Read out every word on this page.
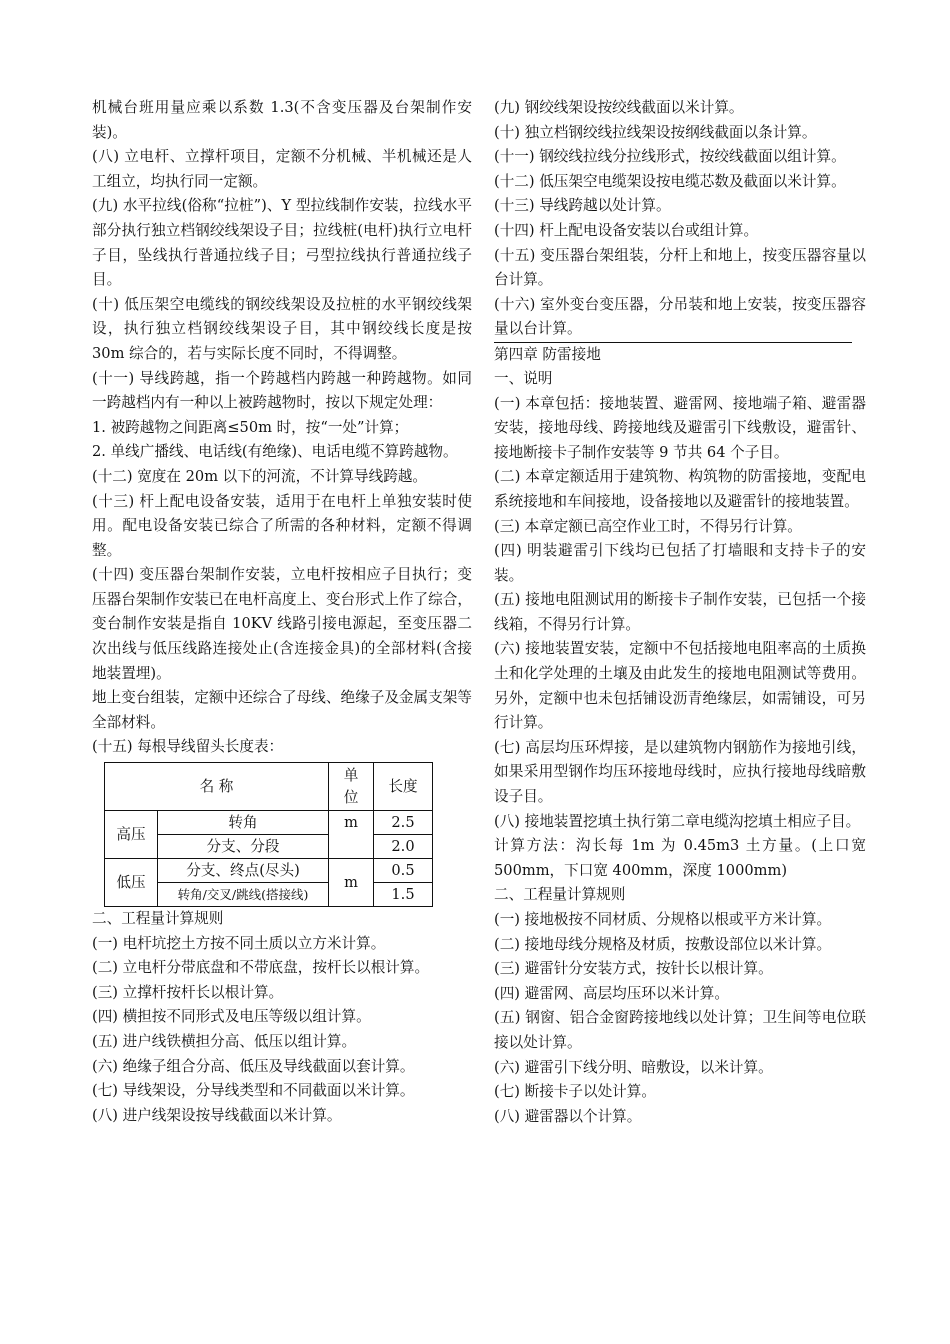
机械台班用量应乘以系数 1.3(不含变压器及台架制作安装)。

(八) 立电杆、立撑杆项目，定额不分机械、半机械还是人工组立，均执行同一定额。

(九) 水平拉线(俗称“拉桩”)、Y 型拉线制作安装，拉线水平部分执行独立档钢绞线架设子目；拉线桩(电杆)执行立电杆子目，坠线执行普通拉线子目；弓型拉线执行普通拉线子目。

(十) 低压架空电缆线的钢绞线架设及拉桩的水平钢绞线架设，执行独立档钢绞线架设子目，其中钢绞线长度是按 30m 综合的，若与实际长度不同时，不得调整。

(十一) 导线跨越，指一个跨越档内跨越一种跨越物。如同一跨越档内有一种以上被跨越物时，按以下规定处理：

1. 被跨越物之间距离≤50m 时，按“一处”计算；

2. 单线广播线、电话线(有绝缘)、电话电缆不算跨越物。

(十二) 宽度在 20m 以下的河流，不计算导线跨越。

(十三) 杆上配电设备安装，适用于在电杆上单独安装时使用。配电设备安装已综合了所需的各种材料，定额不得调整。

(十四) 变压器台架制作安装，立电杆按相应子目执行；变压器台架制作安装已在电杆高度上、变台形式上作了综合，变台制作安装是指自 10KV 线路引接电源起，至变压器二次出线与低压线路连接处止(含连接金具)的全部材料(含接地装置埋)。

地上变台组装，定额中还综合了母线、绝缘子及金属支架等全部材料。

(十五) 每根导线留头长度表：

名 称		单位	长度
高压	转角	m	2.5
	分支、分段		2.0
低压	分支、终点(尽头)	m	0.5
	转角/交叉/跳线(搭接线)		1.5

二、工程量计算规则

(一) 电杆坑挖土方按不同土质以立方米计算。

(二) 立电杆分带底盘和不带底盘，按杆长以根计算。

(三) 立撑杆按杆长以根计算。

(四) 横担按不同形式及电压等级以组计算。

(五) 进户线铁横担分高、低压以组计算。

(六) 绝缘子组合分高、低压及导线截面以套计算。

(七) 导线架设，分导线类型和不同截面以米计算。

(八) 进户线架设按导线截面以米计算。

(九) 钢绞线架设按绞线截面以米计算。

(十) 独立档钢绞线拉线架设按纲线截面以条计算。

(十一) 钢绞线拉线分拉线形式，按绞线截面以组计算。

(十二) 低压架空电缆架设按电缆芯数及截面以米计算。

(十三) 导线跨越以处计算。

(十四) 杆上配电设备安装以台或组计算。

(十五) 变压器台架组装，分杆上和地上，按变压器容量以台计算。

(十六) 室外变台变压器，分吊装和地上安装，按变压器容量以台计算。

第四章 防雷接地

一、说明

(一) 本章包括：接地装置、避雷网、接地端子箱、避雷器安装，接地母线、跨接地线及避雷引下线敷设，避雷针、接地断接卡子制作安装等 9 节共 64 个子目。

(二) 本章定额适用于建筑物、构筑物的防雷接地，变配电系统接地和车间接地，设备接地以及避雷针的接地装置。

(三) 本章定额已高空作业工时，不得另行计算。

(四) 明装避雷引下线均已包括了打墙眼和支持卡子的安装。

(五) 接地电阻测试用的断接卡子制作安装，已包括一个接线箱，不得另行计算。

(六) 接地装置安装，定额中不包括接地电阻率高的土质换土和化学处理的土壤及由此发生的接地电阻测试等费用。另外，定额中也未包括铺设沥青绝缘层，如需铺设，可另行计算。

(七) 高层均压环焊接，是以建筑物内钢筋作为接地引线，如果采用型钢作均压环接地母线时，应执行接地母线暗敷设子目。

(八) 接地装置挖填土执行第二章电缆沟挖填土相应子目。

计算方法：沟长每 1m 为 0.45m3 土方量。(上口宽 500mm，下口宽 400mm，深度 1000mm)

二、工程量计算规则

(一) 接地极按不同材质、分规格以根或平方米计算。

(二) 接地母线分规格及材质，按敷设部位以米计算。

(三) 避雷针分安装方式，按针长以根计算。

(四) 避雷网、高层均压环以米计算。

(五) 钢窗、铝合金窗跨接地线以处计算；卫生间等电位联接以处计算。

(六) 避雷引下线分明、暗敷设，以米计算。

(七) 断接卡子以处计算。

(八) 避雷器以个计算。
